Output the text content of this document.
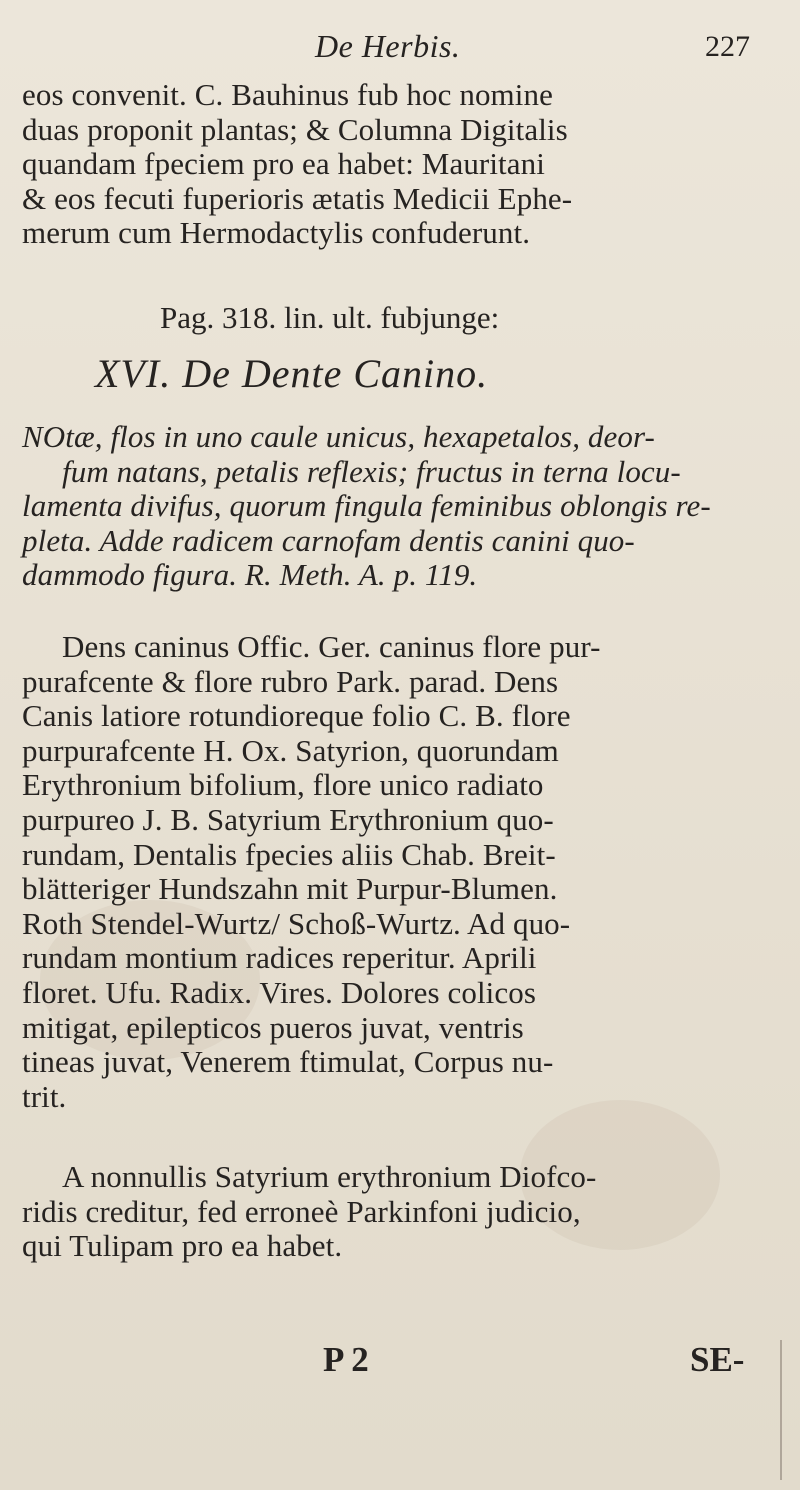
De Herbis.	227
eos convenit. C. Bauhinus fub hoc nomine
duas proponit plantas; & Columna Digitalis
quandam fpeciem pro ea habet: Mauritani
& eos fecuti fuperioris ætatis Medicii Ephe-
merum cum Hermodactylis confuderunt.
Pag. 318. lin. ult. fubjunge:
XVI. De Dente Canino.
NOtæ, flos in uno caule unicus, hexapetalos, deor-
fum natans, petalis reflexis; fructus in terna locu-
lamenta divifus, quorum fingula feminibus oblongis re-
pleta. Adde radicem carnofam dentis canini quo-
dammodo figura. R. Meth. A. p. 119.
Dens caninus Offic. Ger. caninus flore pur-
purafcente & flore rubro Park. parad. Dens
Canis latiore rotundioreque folio C. B. flore
purpurafcente H. Ox. Satyrion, quorundam
Erythronium bifolium, flore unico radiato
purpureo J. B. Satyrium Erythronium quo-
rundam, Dentalis fpecies aliis Chab. Breit-
blätteriger Hundszahn mit Purpur-Blumen.
Roth Stendel-Wurtz/ Schoß-Wurtz. Ad quo-
rundam montium radices reperitur. Aprili
floret. Ufu. Radix. Vires. Dolores colicos
mitigat, epilepticos pueros juvat, ventris
tineas juvat, Venerem ftimulat, Corpus nu-
trit.
A nonnullis Satyrium erythronium Diofco-
ridis creditur, fed erroneè Parkinfoni judicio,
qui Tulipam pro ea habet.
P 2	SE-
